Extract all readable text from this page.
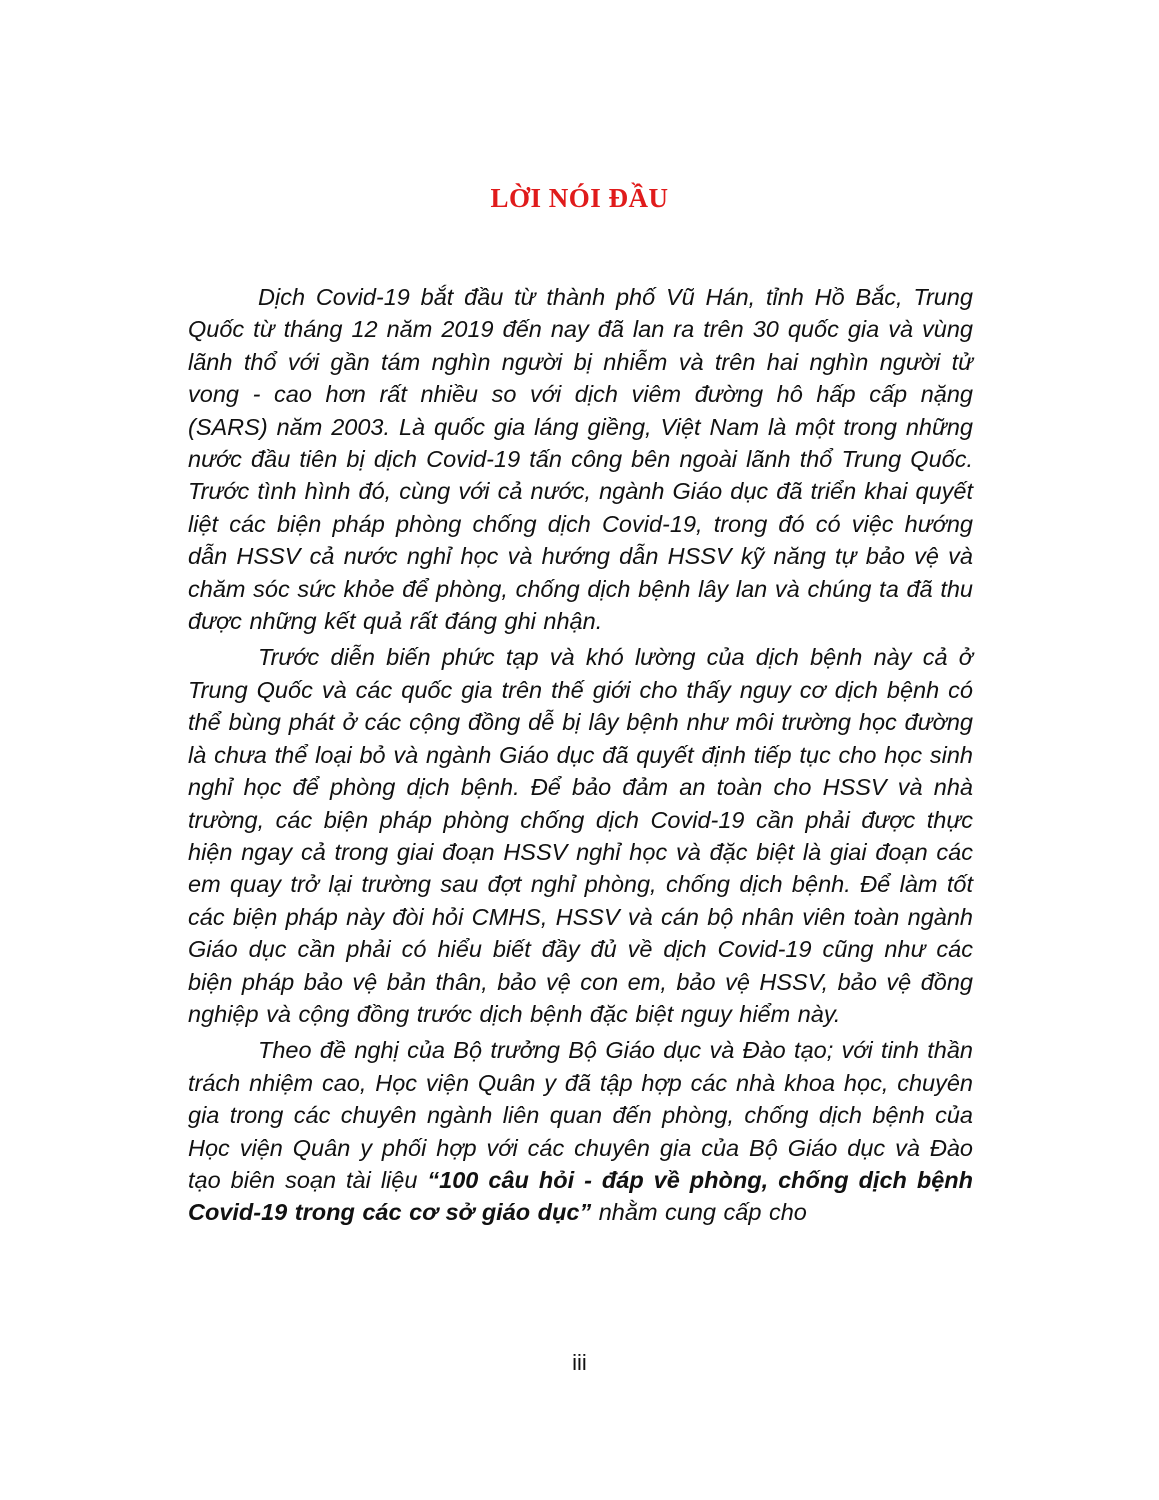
LỜI NÓI ĐẦU

Dịch Covid-19 bắt đầu từ thành phố Vũ Hán, tỉnh Hồ Bắc, Trung Quốc từ tháng 12 năm 2019 đến nay đã lan ra trên 30 quốc gia và vùng lãnh thổ với gần tám nghìn người bị nhiễm và trên hai nghìn người tử vong - cao hơn rất nhiều so với dịch viêm đường hô hấp cấp nặng (SARS) năm 2003. Là quốc gia láng giềng, Việt Nam là một trong những nước đầu tiên bị dịch Covid-19 tấn công bên ngoài lãnh thổ Trung Quốc. Trước tình hình đó, cùng với cả nước, ngành Giáo dục đã triển khai quyết liệt các biện pháp phòng chống dịch Covid-19, trong đó có việc hướng dẫn HSSV cả nước nghỉ học và hướng dẫn HSSV kỹ năng tự bảo vệ và chăm sóc sức khỏe để phòng, chống dịch bệnh lây lan và chúng ta đã thu được những kết quả rất đáng ghi nhận.

Trước diễn biến phức tạp và khó lường của dịch bệnh này cả ở Trung Quốc và các quốc gia trên thế giới cho thấy nguy cơ dịch bệnh có thể bùng phát ở các cộng đồng dễ bị lây bệnh như môi trường học đường là chưa thể loại bỏ và ngành Giáo dục đã quyết định tiếp tục cho học sinh nghỉ học để phòng dịch bệnh. Để bảo đảm an toàn cho HSSV và nhà trường, các biện pháp phòng chống dịch Covid-19 cần phải được thực hiện ngay cả trong giai đoạn HSSV nghỉ học và đặc biệt là giai đoạn các em quay trở lại trường sau đợt nghỉ phòng, chống dịch bệnh. Để làm tốt các biện pháp này đòi hỏi CMHS, HSSV và cán bộ nhân viên toàn ngành Giáo dục cần phải có hiểu biết đầy đủ về dịch Covid-19 cũng như các biện pháp bảo vệ bản thân, bảo vệ con em, bảo vệ HSSV, bảo vệ đồng nghiệp và cộng đồng trước dịch bệnh đặc biệt nguy hiểm này.

Theo đề nghị của Bộ trưởng Bộ Giáo dục và Đào tạo; với tinh thần trách nhiệm cao, Học viện Quân y đã tập hợp các nhà khoa học, chuyên gia trong các chuyên ngành liên quan đến phòng, chống dịch bệnh của Học viện Quân y phối hợp với các chuyên gia của Bộ Giáo dục và Đào tạo biên soạn tài liệu “100 câu hỏi - đáp về phòng, chống dịch bệnh Covid-19 trong các cơ sở giáo dục” nhằm cung cấp cho

iii
